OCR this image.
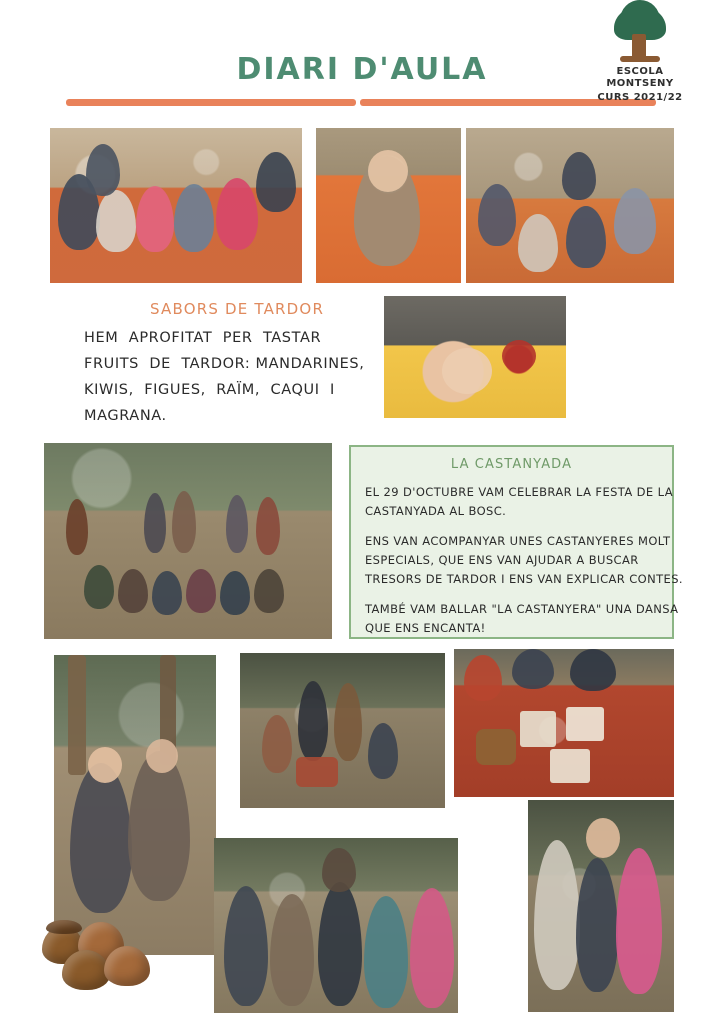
DIARI D'AULA	ESCOLA MONTSENY
CURS 2021/22
SABORS DE TARDOR
HEM  APROFITAT  PER  TASTAR
FRUITS  DE  TARDOR: MANDARINES,
KIWIS,  FIGUES,  RAÏM,  CAQUI  I
MAGRANA.
LA CASTANYADA
EL 29 D'OCTUBRE VAM CELEBRAR LA FESTA DE LA
CASTANYADA AL BOSC.
ENS VAN ACOMPANYAR UNES CASTANYERES MOLT
ESPECIALS, QUE ENS VAN AJUDAR A BUSCAR
TRESORS DE TARDOR I ENS VAN EXPLICAR CONTES.
TAMBÉ VAM BALLAR "LA CASTANYERA" UNA DANSA
QUE ENS ENCANTA!
